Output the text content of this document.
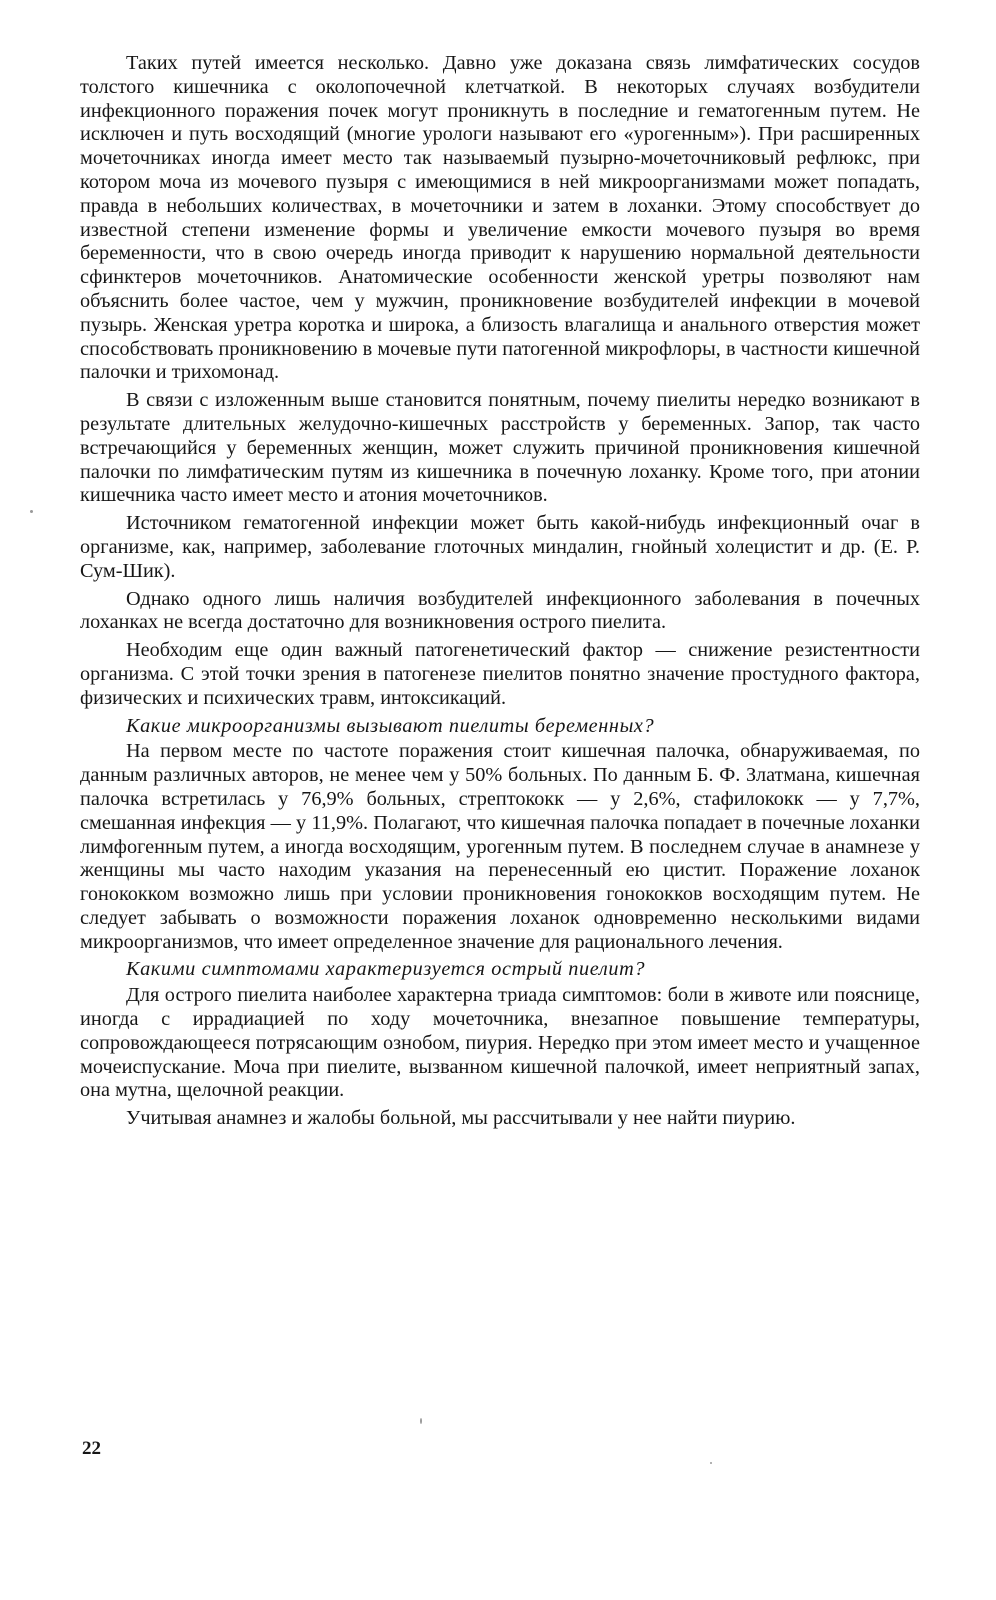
Таких путей имеется несколько. Давно уже доказана связь лимфатических сосудов толстого кишечника с околопочечной клетчаткой. В некоторых случаях возбудители инфекционного поражения почек могут проникнуть в последние и гематогенным путем. Не исключен и путь восходящий (многие урологи называют его «урогенным»). При расширенных мочеточниках иногда имеет место так называемый пузырно-мочеточниковый рефлюкс, при котором моча из мочевого пузыря с имеющимися в ней микроорганизмами может попадать, правда в небольших количествах, в мочеточники и затем в лоханки. Этому способствует до известной степени изменение формы и увеличение емкости мочевого пузыря во время беременности, что в свою очередь иногда приводит к нарушению нормальной деятельности сфинктеров мочеточников. Анатомические особенности женской уретры позволяют нам объяснить более частое, чем у мужчин, проникновение возбудителей инфекции в мочевой пузырь. Женская уретра коротка и широка, а близость влагалища и анального отверстия может способствовать проникновению в мочевые пути патогенной микрофлоры, в частности кишечной палочки и трихомонад.

В связи с изложенным выше становится понятным, почему пиелиты нередко возникают в результате длительных желудочно-кишечных расстройств у беременных. Запор, так часто встречающийся у беременных женщин, может служить причиной проникновения кишечной палочки по лимфатическим путям из кишечника в почечную лоханку. Кроме того, при атонии кишечника часто имеет место и атония мочеточников.

Источником гематогенной инфекции может быть какой-нибудь инфекционный очаг в организме, как, например, заболевание глоточных миндалин, гнойный холецистит и др. (Е. Р. Сум-Шик).

Однако одного лишь наличия возбудителей инфекционного заболевания в почечных лоханках не всегда достаточно для возникновения острого пиелита.

Необходим еще один важный патогенетический фактор — снижение резистентности организма. С этой точки зрения в патогенезе пиелитов понятно значение простудного фактора, физических и психических травм, интоксикаций.

Какие микроорганизмы вызывают пиелиты беременных?

На первом месте по частоте поражения стоит кишечная палочка, обнаруживаемая, по данным различных авторов, не менее чем у 50% больных. По данным Б. Ф. Златмана, кишечная палочка встретилась у 76,9% больных, стрептококк — у 2,6%, стафилококк — у 7,7%, смешанная инфекция — у 11,9%. Полагают, что кишечная палочка попадает в почечные лоханки лимфогенным путем, а иногда восходящим, урогенным путем. В последнем случае в анамнезе у женщины мы часто находим указания на перенесенный ею цистит. Поражение лоханок гонококком возможно лишь при условии проникновения гонококков восходящим путем. Не следует забывать о возможности поражения лоханок одновременно несколькими видами микроорганизмов, что имеет определенное значение для рационального лечения.

Какими симптомами характеризуется острый пиелит?

Для острого пиелита наиболее характерна триада симптомов: боли в животе или пояснице, иногда с иррадиацией по ходу мочеточника, внезапное повышение температуры, сопровождающееся потрясающим ознобом, пиурия. Нередко при этом имеет место и учащенное мочеиспускание. Моча при пиелите, вызванном кишечной палочкой, имеет неприятный запах, она мутна, щелочной реакции.

Учитывая анамнез и жалобы больной, мы рассчитывали у нее найти пиурию.

22
